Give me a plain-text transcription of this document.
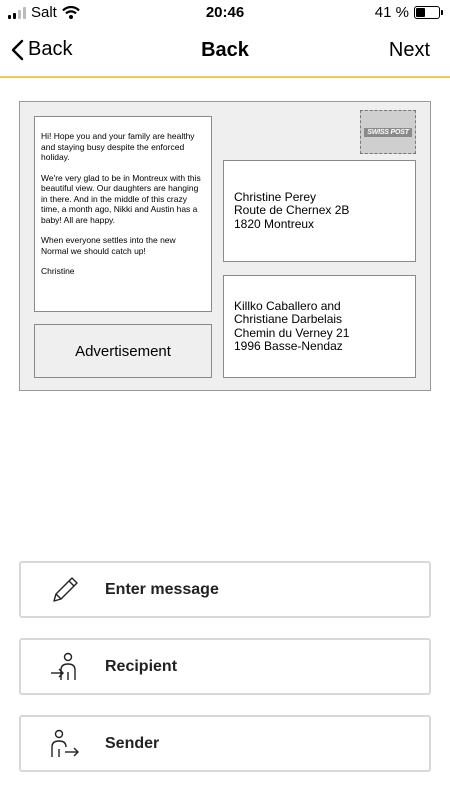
Salt	20:46	41 %
Back	Back	Next

Hi! Hope you and your family are healthy and staying busy despite the enforced holiday.

We're very glad to be in Montreux with this beautiful view. Our daughters are hanging in there. And in the middle of this crazy time, a month ago, Nikki and Austin has a baby! All are happy.

When everyone settles into the new Normal we should catch up!

Christine

Advertisement
SWISS POST
Christine Perey
Route de Chernex 2B
1820 Montreux
Killko Caballero and
Christiane Darbelais
Chemin du Verney 21
1996 Basse-Nendaz
Enter message
Recipient
Sender
